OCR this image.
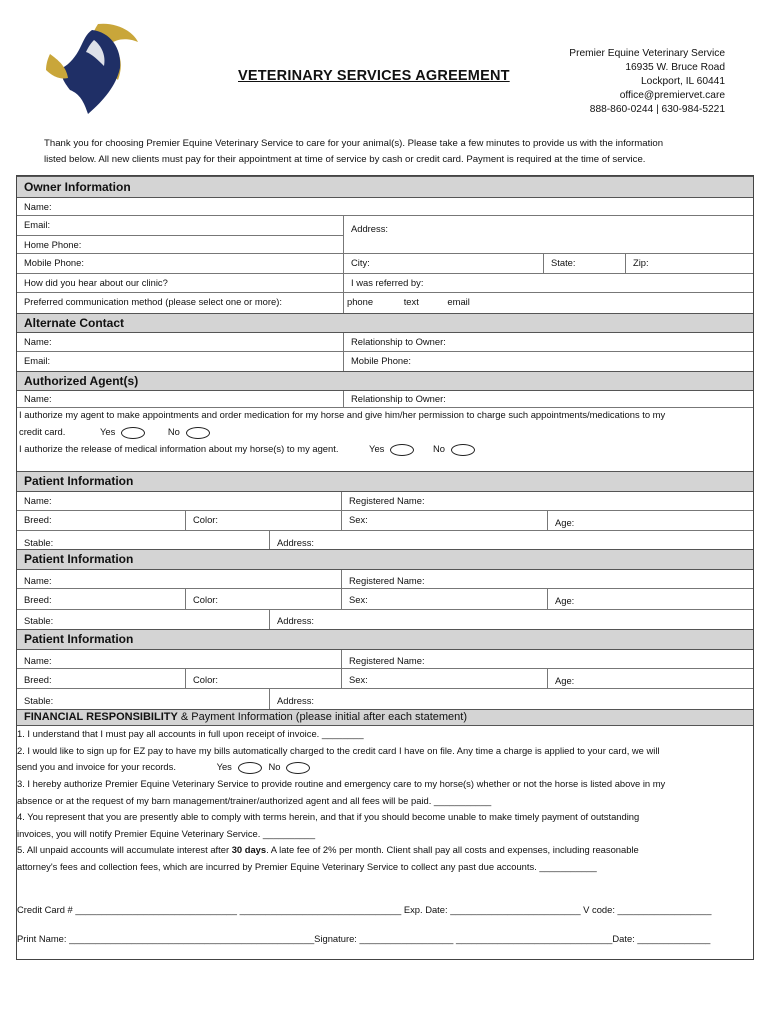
VETERINARY SERVICES AGREEMENT
Premier Equine Veterinary Service
16935 W. Bruce Road
Lockport, IL 60441
office@premiervet.care
888-860-0244 | 630-984-5221
Thank you for choosing Premier Equine Veterinary Service to care for your animal(s). Please take a few minutes to provide us with the information
listed below. All new clients must pay for their appointment at time of service by cash or credit card. Payment is required at the time of service.
Owner Information
Name:
Email:	Address:
Home Phone:
Mobile Phone:	City:	State:	Zip:
How did you hear about our clinic?	I was referred by:
Preferred communication method (please select one or more):	phone	text	email
Alternate Contact
Name:	Relationship to Owner:
Email:	Mobile Phone:
Authorized Agent(s)
Name:	Relationship to Owner:
I authorize my agent to make appointments and order medication for my horse and give him/her permission to charge such appointments/medications to my
credit card.	Yes	No
I authorize the release of medical information about my horse(s) to my agent.	Yes	No
Patient Information
Name:	Registered Name:
Breed:	Color:	Sex:	Age:
Stable:	Address:
Patient Information
Name:	Registered Name:
Breed:	Color:	Sex:	Age:
Stable:	Address:
Patient Information
Name:	Registered Name:
Breed:	Color:	Sex:	Age:
Stable:	Address:
FINANCIAL RESPONSIBILITY & Payment Information (please initial after each statement)
1. I understand that I must pay all accounts in full upon receipt of invoice. ________
2. I would like to sign up for EZ pay to have my bills automatically charged to the credit card I have on file. Any time a charge is applied to your card, we will
send you and invoice for your records.	Yes	No
3. I hereby authorize Premier Equine Veterinary Service to provide routine and emergency care to my horse(s) whether or not the horse is listed above in my
absence or at the request of my barn management/trainer/authorized agent and all fees will be paid. ___________
4. You represent that you are presently able to comply with terms herein, and that if you should become unable to make timely payment of outstanding
invoices, you will notify Premier Equine Veterinary Service. __________
5. All unpaid accounts will accumulate interest after 30 days. A late fee of 2% per month. Client shall pay all costs and expenses, including reasonable
attorney's fees and collection fees, which are incurred by Premier Equine Veterinary Service to collect any past due accounts. ___________
Credit Card # _______________________________ _______________________________ Exp. Date: _________________________ V code: __________________
Print Name: _______________________________________________Signature: __________________ ______________________________Date: ______________
